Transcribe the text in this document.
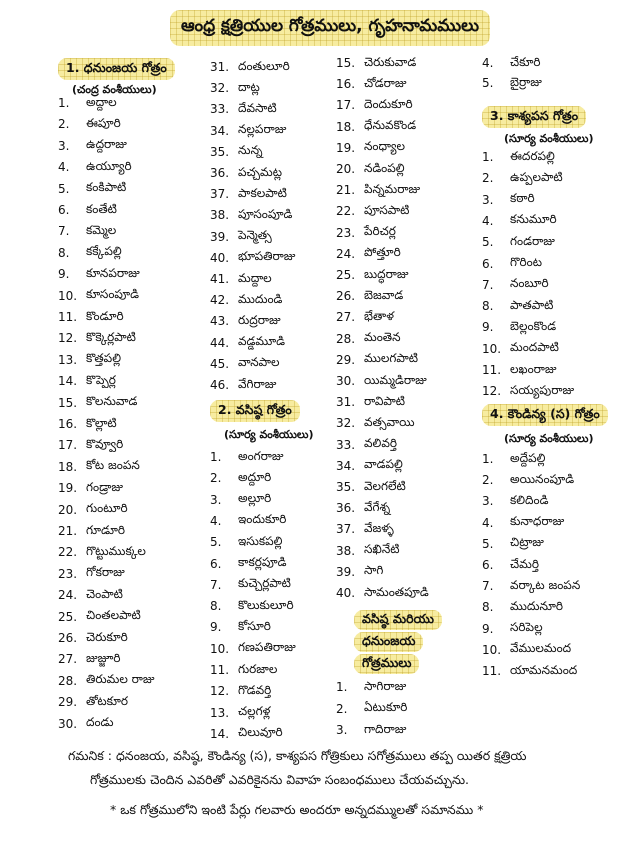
ఆంధ్ర క్షత్రియుల గోత్రములు, గృహనామములు
1. ధనుంజయ గోత్రం
(చంద్ర వంశీయులు)
1.	అద్దాల
2.	ఈపూరి
3.	ఉద్దరాజు
4.	ఉయ్యూరి
5.	కంకిపాటి
6.	కంతేటి
7.	కమ్మెల
8.	కక్కేపల్లి
9.	కూనపరాజు
10. కూసంపూడి
11. కొండూరి
12. కొక్కెర్లపాటి
13. కొత్తపల్లి
14. కొప్పెర్ల
15. కొలనువాడ
16. కొల్లాటి
17. కొవ్వూరి
18. కోట జంపన
19. గండ్రాజు
20. గుంటూరి
21. గూడూరి
22. గొట్టుముక్కల
23. గోకరాజు
24. చెంపాటి
25. చింతలపాటి
26. చెరుకూరి
27. జుజ్జూరి
28. తిరుమల రాజు
29. తోటకూర
30. దండు
31. దంతులూరి
32. దాట్ల
33. దేవసాటి
34. నల్లపరాజు
35. నున్న
36. పచ్చమట్ల
37. పాకలపాటి
38. పూసంపూడి
39. పెన్మెత్స
40. భూపతిరాజు
41. మద్దాల
42. ముదుండి
43. రుద్రరాజు
44. వడ్డమూడి
45. వానపాల
46. వేగిరాజు
2. వసిష్ఠ గోత్రం
(సూర్య వంశీయులు)
1.	అంగరాజు
2.	అద్దూరి
3.	అల్లూరి
4.	ఇందుకూరి
5.	ఇసుకపల్లి
6.	కాకర్లపూడి
7.	కుచ్చెర్లపాటి
8.	కొలుకులూరి
9.	కోసూరి
10. గణపతిరాజు
11. గురజాల
12. గొడవర్తి
13. చల్లగళ్ల
14. చిలువూరి
15. చెరుకువాడ
16. చోడరాజు
17. దెందుకూరి
18. ధేనువకొండ
19. నంధ్యాల
20. నడింపల్లి
21. పిన్నమరాజు
22. పూసపాటి
23. పేరిచర్ల
24. పోత్తూరి
25. బుద్ధరాజు
26. బెజవాడ
27. భేతాళ
28. మంతెన
29. ములగపాటి
30. యిమ్మడిరాజు
31. రావిపాటి
32. వత్సవాయి
33. వలివర్తి
34. వాడపల్లి
35. వెలగలేటి
36. వేగేశ్న
37. వేజళ్ళ
38. సఖినేటి
39. సాగి
40. సామంతపూడి
వసిష్ఠ మరియు
ధనుంజయ
గోత్రములు
1.	సాగిరాజు
2.	ఏటుకూరి
3.	గాదిరాజు
4.	చేకూరి
5.	బైర్రాజు
3. కాశ్యపస గోత్రం
(సూర్య వంశీయులు)
1.	ఈదరపల్లి
2.	ఉప్పలపాటి
3.	కఠారి
4.	కనుమూరి
5.	గండరాజు
6.	గొరింట
7.	నంబూరి
8.	పాతపాటి
9.	బెల్లంకొండ
10. మందపాటి
11. లఖంరాజు
12. సయ్యపురాజు
4. కౌండిన్య (స) గోత్రం
(సూర్య వంశీయులు)
1.	అద్దేపల్లి
2.	అయినంపూడి
3.	కలిదిండి
4.	కునాధరాజు
5.	చిట్రాజు
6.	చేమర్తి
7.	వర్కాట జంపన
8.	ముదునూరి
9.	సరిపెల్ల
10. వేములమంద
11. యామనమంద
గమనిక : ధనంజయ, వసిష్ఠ, కౌండిన్య (స), కాశ్యపస గోత్రికులు సగోత్రములు తప్ప యితర క్షత్రియ
గోత్రములకు చెందిన ఎవరితో ఎవరికైనను వివాహ సంబంధములు చేయవచ్చును.
* ఒక గోత్రములోని ఇంటి పేర్లు గలవారు అందరూ అన్నదమ్ములతో సమానము *
